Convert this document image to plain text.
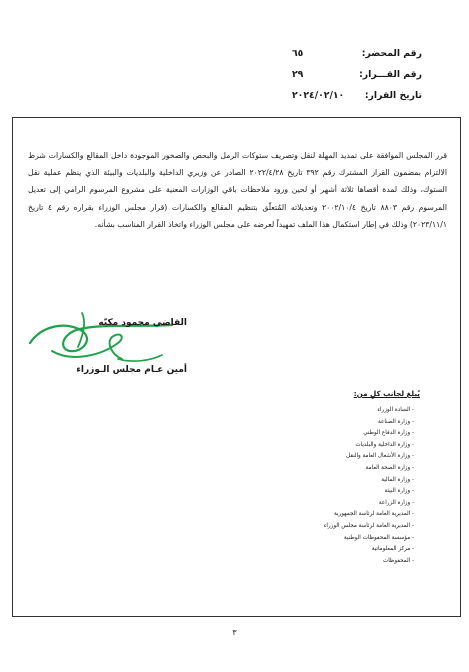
رقم المحضر:
٦٥
رقم القـــرار:
٢٩
تاريخ القرار:
٢٠٢٤/٠٢/١٠

قرر المجلس الموافقة على تمديد المهلة لنقل وتصريف ستوكات الرمل والبحص والصخور الموجودة داخل المقالع والكسارات شرط الالتزام بمضمون القرار المشترك رقم ٣٩٢ تاريخ ٢٠٢٢/٤/٢٨ الصادر عن وزيري الداخلية والبلديات والبيئة الذي ينظم عملية نقل الستوك، وذلك لمدة أقصاها ثلاثة أشهر أو لحين ورود ملاحظات باقي الوزارات المعنية على مشروع المرسوم الرامي إلى تعديل المرسوم رقم ٨٨٠٣ تاريخ ٢٠٠٢/١٠/٤ وتعديلاته المُتعلّق بتنظيم المقالع والكسارات (قرار مجلس الوزراء بقراره رقم ٤ تاريخ ٢٠٢٣/١١/١) وذلك في إطار استكمال هذا الملف تمهيداً لعرضه على مجلس الوزراء واتخاذ القرار المناسب بشأنه.

القاضي محمود مكيّه
أمين عـام مجلس الـوزراء
يُبلغ لجانب كلٍ من:
- السادة الوزراء
- وزارة الصناعة
- وزارة الدفاع الوطني
- وزارة الداخلية والبلديات
- وزارة الأشغال العامة والنقل
- وزارة الصحة العامة
- وزارة المالية
- وزارة البيئة
- وزارة الزراعة
- المديرية العامة لرئاسة الجمهورية
- المديرية العامة لرئاسة مجلس الوزراء
- مؤسسة المحفوظات الوطنية
- مركز المعلوماتية
- المحفوظات
٣
